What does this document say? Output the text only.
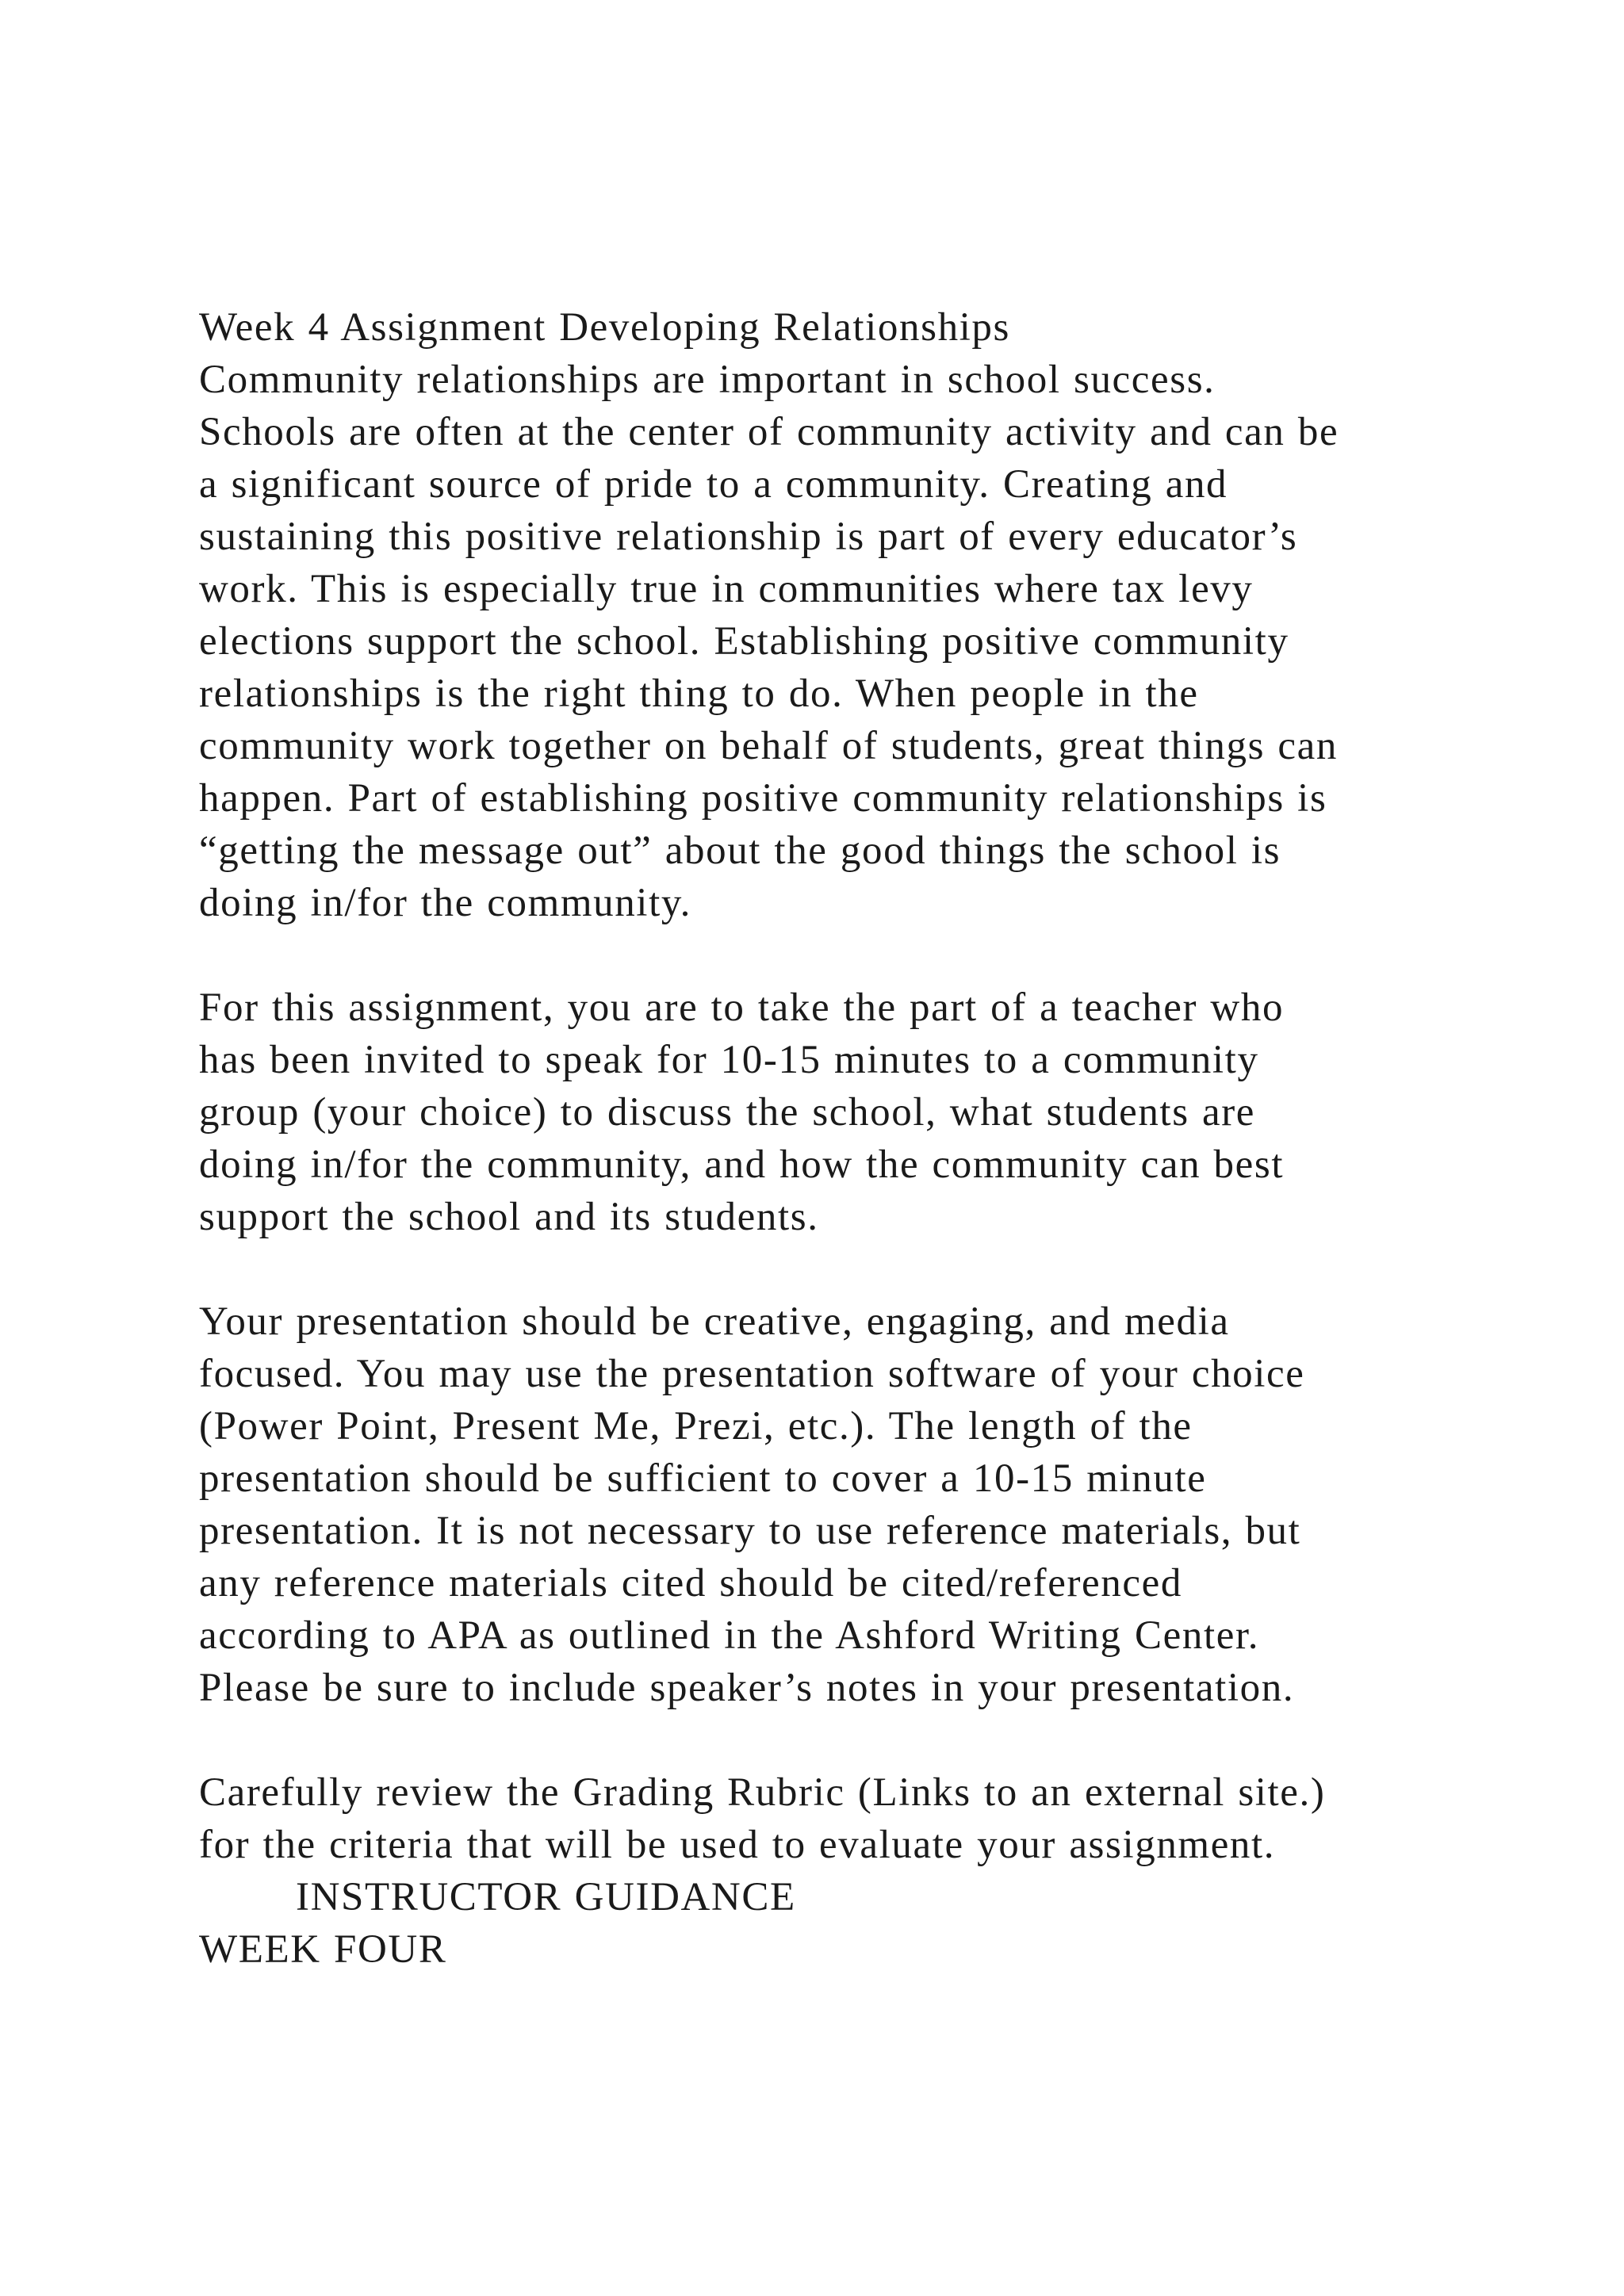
Week 4 Assignment Developing Relationships
Community relationships are important in school success.
Schools are often at the center of community activity and can be
a significant source of pride to a community. Creating and
sustaining this positive relationship is part of every educator’s
work. This is especially true in communities where tax levy
elections support the school. Establishing positive community
relationships is the right thing to do. When people in the
community work together on behalf of students, great things can
happen. Part of establishing positive community relationships is
“getting the message out” about the good things the school is
doing in/for the community.
For this assignment, you are to take the part of a teacher who
has been invited to speak for 10-15 minutes to a community
group (your choice) to discuss the school, what students are
doing in/for the community, and how the community can best
support the school and its students.
Your presentation should be creative, engaging, and media
focused. You may use the presentation software of your choice
(Power Point, Present Me, Prezi, etc.). The length of the
presentation should be sufficient to cover a 10-15 minute
presentation. It is not necessary to use reference materials, but
any reference materials cited should be cited/referenced
according to APA as outlined in the Ashford Writing Center.
Please be sure to include speaker’s notes in your presentation.
Carefully review the Grading Rubric (Links to an external site.)
for the criteria that will be used to evaluate your assignment.
INSTRUCTOR GUIDANCE
WEEK FOUR
